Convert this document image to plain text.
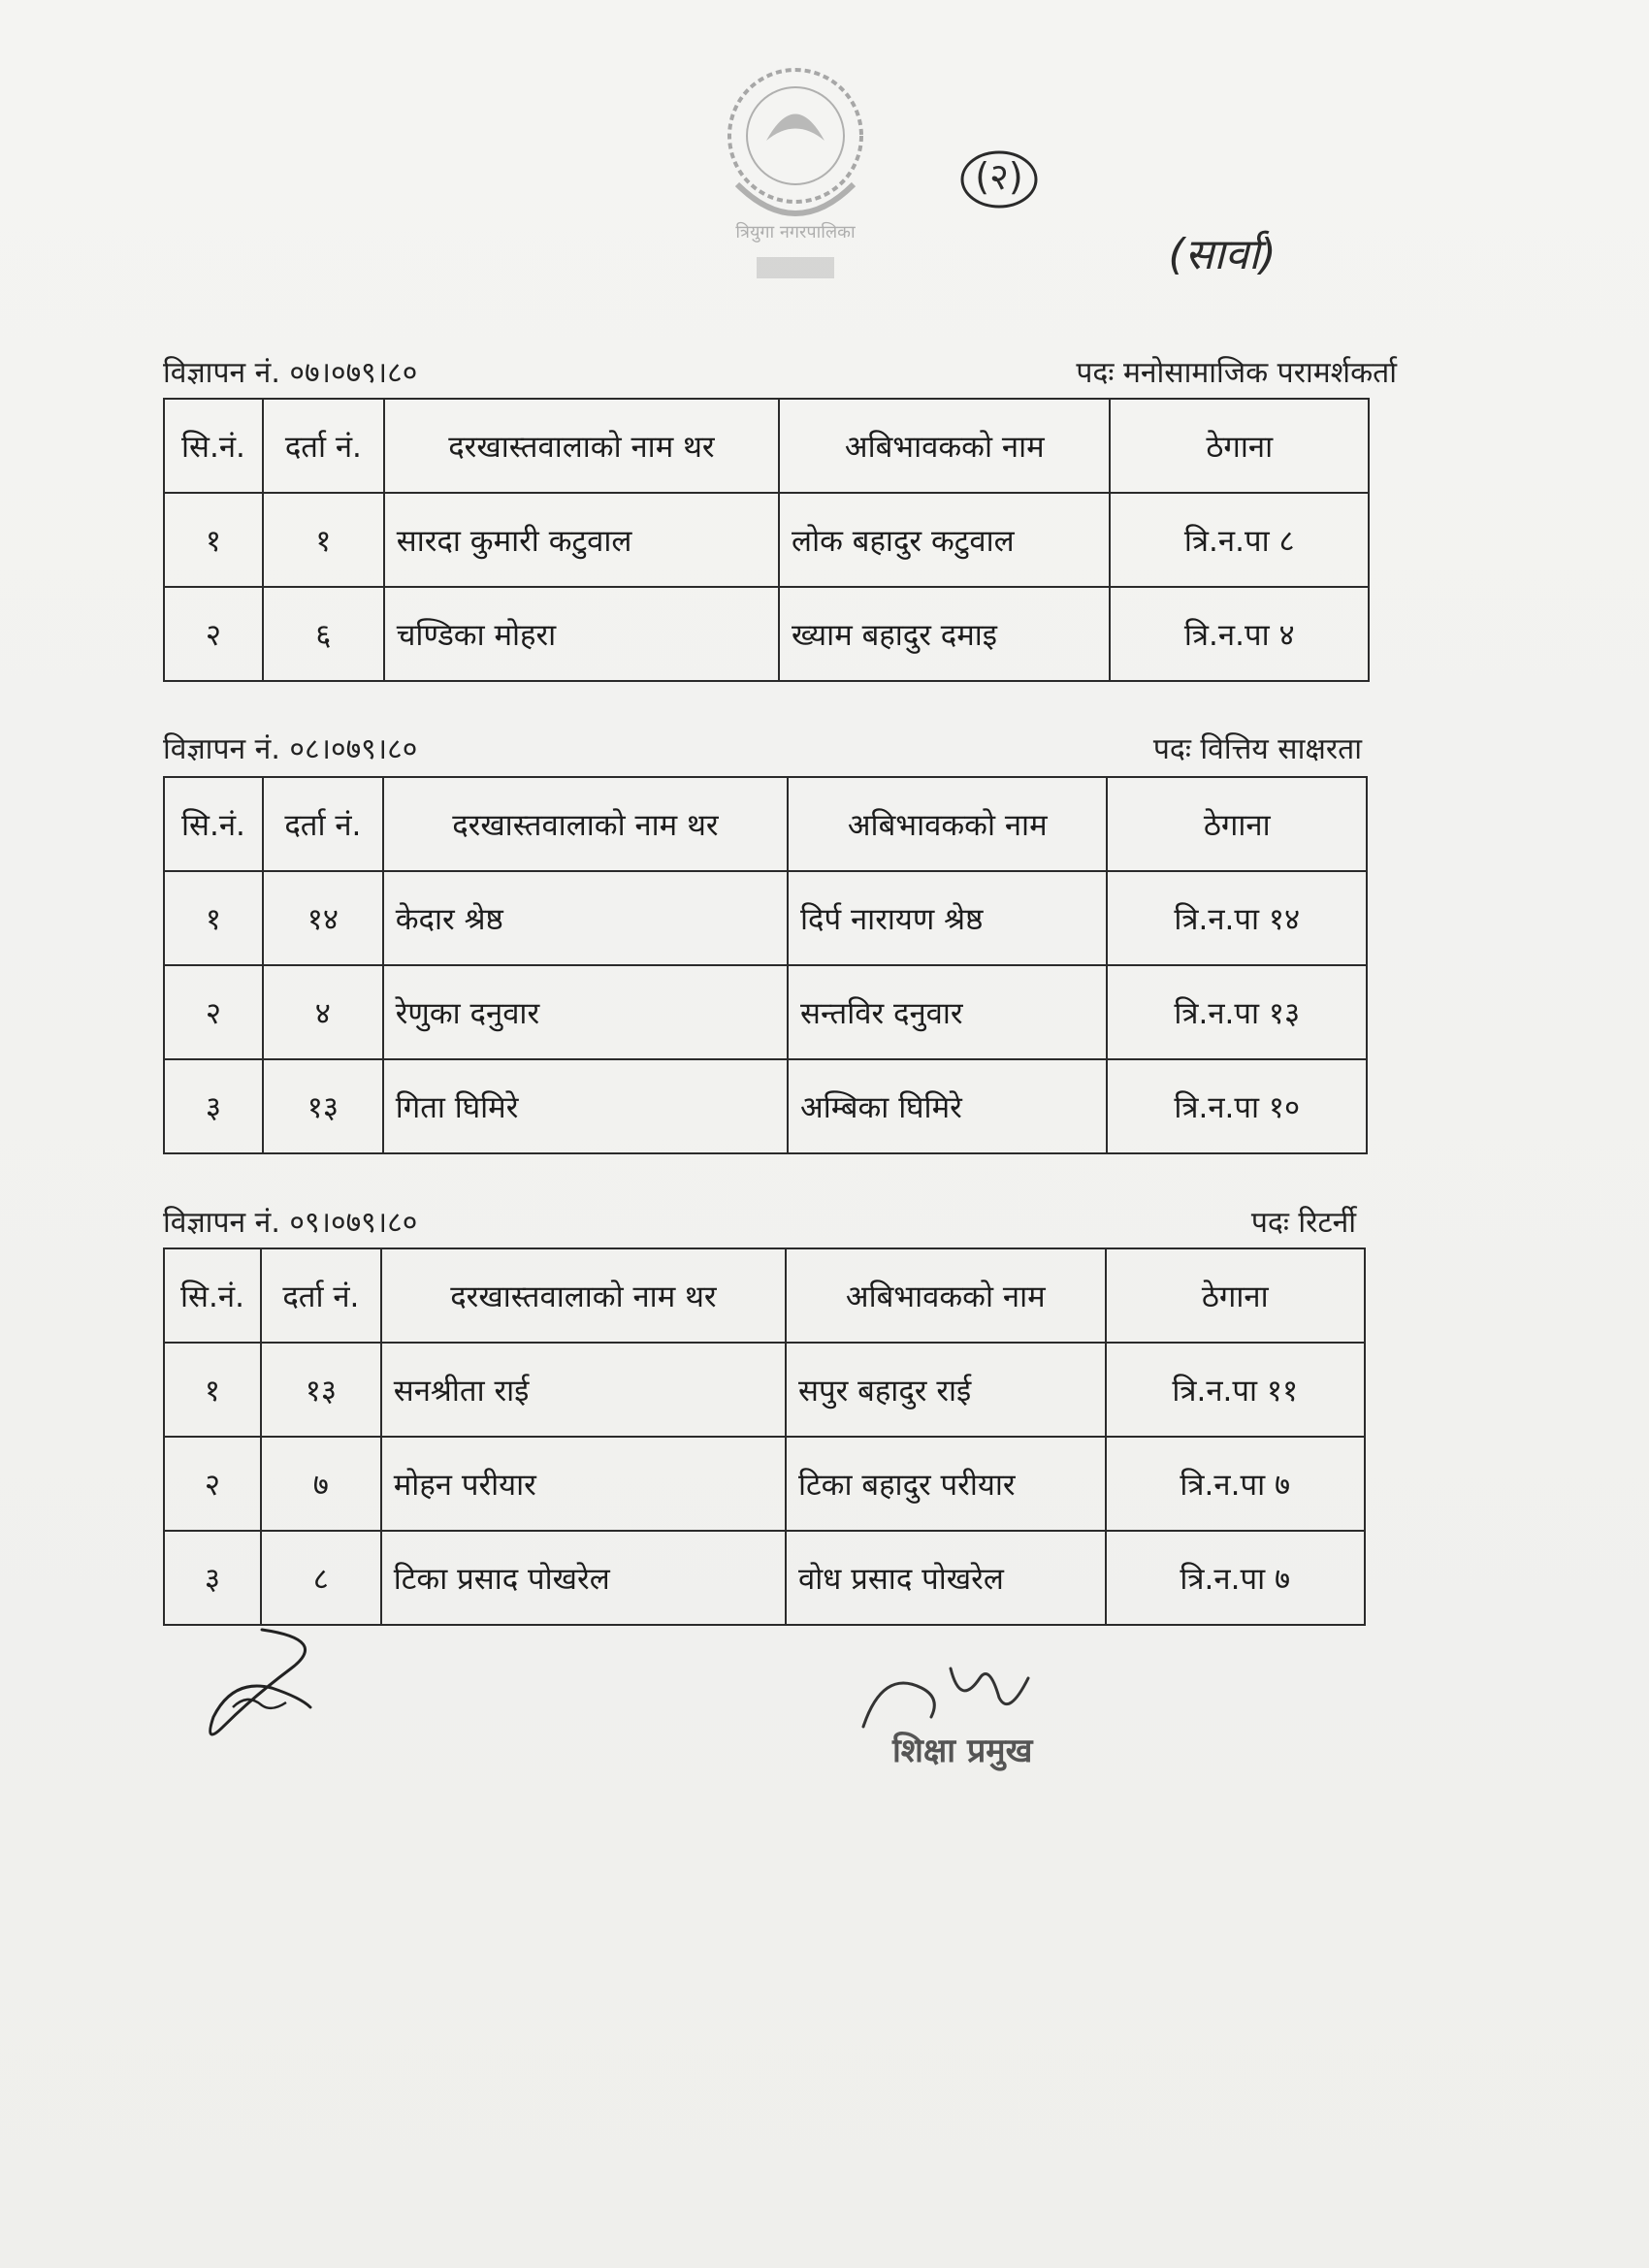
त्रियुगा नगरपालिका
(२)
(सार्वा)
विज्ञापन नं. ०७।०७९।८०	पदः मनोसामाजिक परामर्शकर्ता
सि.नं.	दर्ता नं.	दरखास्तवालाको नाम थर	अबिभावकको नाम	ठेगाना
१	१	सारदा कुमारी कटुवाल	लोक बहादुर कटुवाल	त्रि.न.पा ८
२	६	चण्डिका मोहरा	ख्याम बहादुर दमाइ	त्रि.न.पा ४
विज्ञापन नं. ०८।०७९।८०	पदः वित्तिय साक्षरता
सि.नं.	दर्ता नं.	दरखास्तवालाको नाम थर	अबिभावकको नाम	ठेगाना
१	१४	केदार श्रेष्ठ	दिर्प नारायण श्रेष्ठ	त्रि.न.पा १४
२	४	रेणुका दनुवार	सन्तविर दनुवार	त्रि.न.पा १३
३	१३	गिता घिमिरे	अम्बिका घिमिरे	त्रि.न.पा १०
विज्ञापन नं. ०९।०७९।८०	पदः रिटर्नी
सि.नं.	दर्ता नं.	दरखास्तवालाको नाम थर	अबिभावकको नाम	ठेगाना
१	१३	सनश्रीता राई	सपुर बहादुर राई	त्रि.न.पा ११
२	७	मोहन परीयार	टिका बहादुर परीयार	त्रि.न.पा ७
३	८	टिका प्रसाद पोखरेल	वोध प्रसाद पोखरेल	त्रि.न.पा ७
शिक्षा प्रमुख
